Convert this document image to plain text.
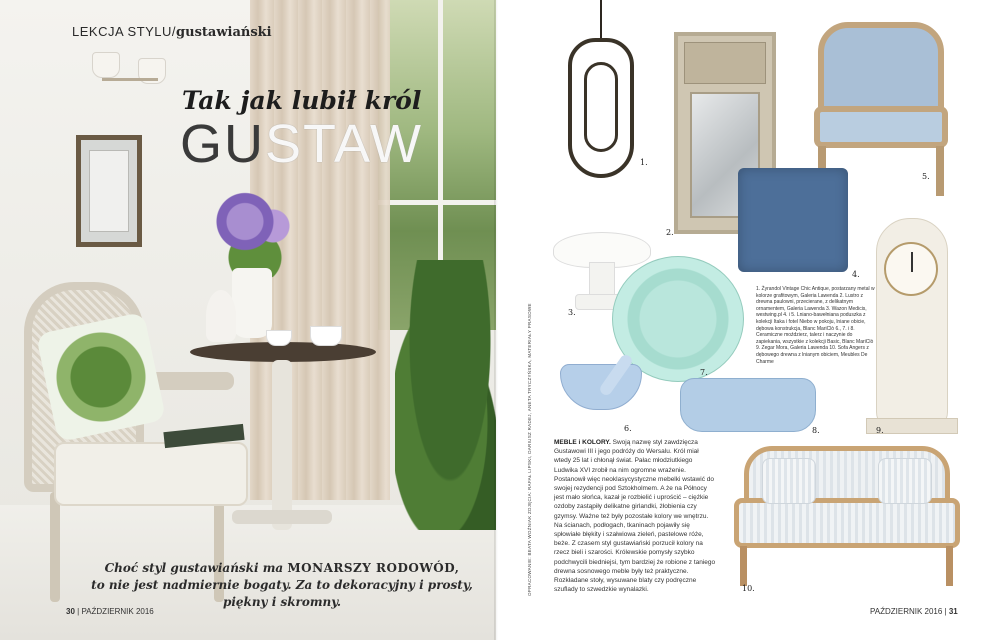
LEKCJA STYLU/gustawiański
Tak jak lubił król
GUSTAW
Choć styl gustawiański ma MONARSZY RODOWÓD,
to nie jest nadmiernie bogaty. Za to dekoracyjny i prosty, piękny i skromny.
30 | PAŹDZIERNIK 2016
1.
2.
5.
4.
3.
7.
6.	8.	9.
10.
1. Żyrandol Vintage Chic Antique, postarzany metal w kolorze grafitowym, Galeria Lawenda 2. Lustro z drewna paulowni, przecierane, z delikatnym ornamentem, Galeria Lawenda 3. Wazon Medicis, westwing.pl 4. i 5. Lniano-bawełniana poduszka z kolekcji Itaka i fotel Niebo w pokoju, lniane obicie, dębowa konstrukcja, Blanc MariClò 6., 7. i 8. Ceramiczne moździerz, talerz i naczynie do zapiekania, wszystkie z kolekcji Basic, Blanc MariClò 9. Zegar Mora, Galeria Lawenda 10. Sofa Angers z dębowego drewna z lnianym obiciem, Meubles De Charme
OPRACOWANIE: BEATA WOŹNIAK ZDJĘCIA: RAFAŁ LIPSKI, DARIUSZ RADEJ, ANETA TRYCZYŃSKA, MATERIAŁY PRASOWE	MEBLE i KOLORY. Swoją nazwę styl zawdzięcza Gustawowi III i jego podróży do Wersalu. Król miał wtedy 25 lat i chłonął świat. Pałac młodziutkiego Ludwika XVI zrobił na nim ogromne wrażenie. Postanowił więc neoklasycystyczne mebelki wstawić do swojej rezydencji pod Sztokholmem. A że na Północy jest mało słońca, kazał je rozbielić i uprościć – ciężkie ozdoby zastąpiły delikatne girlandki, żłobienia czy gzymsy. Ważne też były pozostałe kolory we wnętrzu. Na ścianach, podłogach, tkaninach pojawiły się spłowiałe błękity i szałwiowa zieleń, pastelowe róże, beże. Z czasem styl gustawiański porzucił kolory na rzecz bieli i szarości. Królewskie pomysły szybko podchwycili biedniejsi, tym bardziej że robione z taniego drewna sosnowego meble były też praktyczne. Rozkładane stoły, wysuwane blaty czy podręczne szuflady to szwedzkie wynalazki.
PAŹDZIERNIK 2016 | 31
